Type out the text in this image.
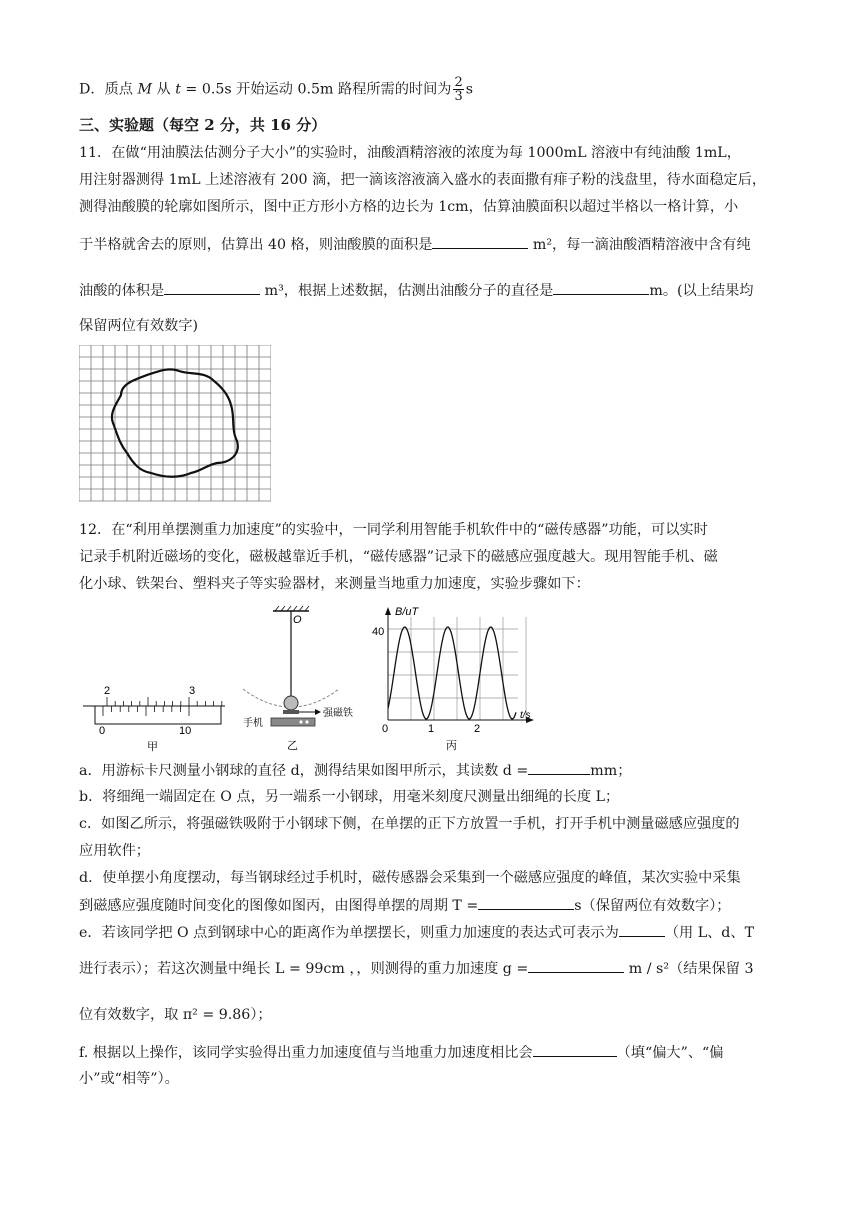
D．质点 M 从 t = 0.5s 开始运动 0.5m 路程所需的时间为 $\frac{2}{3}$ s
三、实验题（每空 2 分，共 16 分）
11．在做“用油膜法估测分子大小”的实验时，油酸酒精溶液的浓度为每 1000mL 溶液中有纯油酸 1mL，
用注射器测得 1mL 上述溶液有 200 滴，把一滴该溶液滴入盛水的表面撒有痱子粉的浅盘里，待水面稳定后，
测得油酸膜的轮廓如图所示，图中正方形小方格的边长为 1cm，估算油膜面积以超过半格以一格计算，小
于半格就舍去的原则，估算出 40 格，则油酸膜的面积是	m²，每一滴油酸酒精溶液中含有纯
油酸的体积是	m³，根据上述数据，估测出油酸分子的直径是	m。(以上结果均
保留两位有效数字)
12．在“利用单摆测重力加速度”的实验中，一同学利用智能手机软件中的“磁传感器”功能，可以实时
记录手机附近磁场的变化，磁极越靠近手机，“磁传感器”记录下的磁感应强度越大。现用智能手机、磁
化小球、铁架台、塑料夹子等实验器材，来测量当地重力加速度，实验步骤如下：
2	3
0	10
甲
O
强磁铁
手机
乙
B/uT
40
t/s
0	1	2
丙
a．用游标卡尺测量小钢球的直径 d，测得结果如图甲所示，其读数 d =	mm；
b．将细绳一端固定在 O 点，另一端系一小钢球，用毫米刻度尺测量出细绳的长度 L；
c．如图乙所示，将强磁铁吸附于小钢球下侧，在单摆的正下方放置一手机，打开手机中测量磁感应强度的
应用软件；
d．使单摆小角度摆动，每当钢球经过手机时，磁传感器会采集到一个磁感应强度的峰值，某次实验中采集
到磁感应强度随时间变化的图像如图丙，由图得单摆的周期 T =	s（保留两位有效数字）；
e．若该同学把 O 点到钢球中心的距离作为单摆摆长，则重力加速度的表达式可表示为	（用 L、d、T
进行表示）；若这次测量中绳长 L = 99cm ，，则测得的重力加速度 g =	m / s²（结果保留 3
位有效数字，取 π² = 9.86）；
f. 根据以上操作，该同学实验得出重力加速度值与当地重力加速度相比会	（填“偏大”、“偏
小”或“相等”）。
